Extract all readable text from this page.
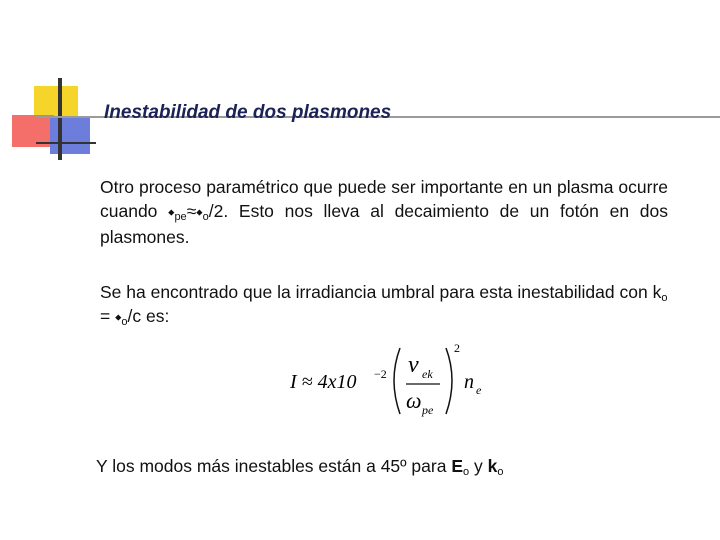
Inestabilidad de dos plasmones

Otro proceso paramétrico que puede ser importante en un plasma ocurre cuando $⬥_{pe}\approx⬥_o/2$. Esto nos lleva al decaimiento de un fotón en dos plasmones.

Se ha encontrado que la irradiancia umbral para esta inestabilidad con $k_o$ = $⬥_o/c$ es:

I ≈ 4x10 −2 ν ek
ω pe
2
n e

Y los modos más inestables están a 45º para $E_o$ y $k_o$
